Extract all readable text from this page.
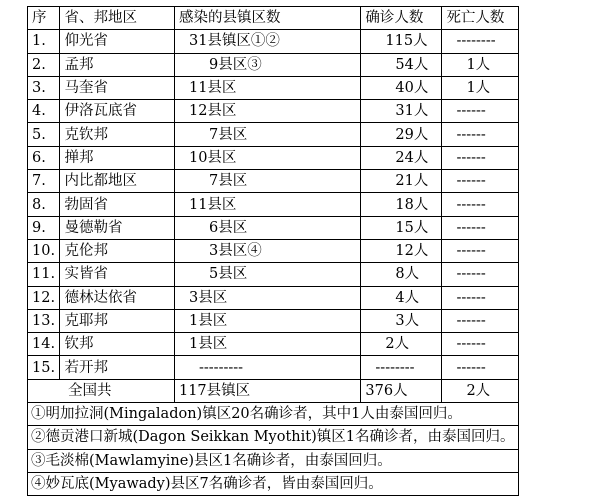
序	省、邦地区	感染的县镇区数	确诊人数	死亡人数
1.	仰光省	31县镇区①②	115人	--------
2.	孟邦	9县区③	54人	1人
3.	马奎省	11县区	40人	1人
4.	伊洛瓦底省	12县区	31人	------
5.	克钦邦	7县区	29人	------
6.	掸邦	10县区	24人	------
7.	内比都地区	7县区	21人	------
8.	勃固省	11县区	18人	------
9.	曼德勒省	6县区	15人	------
10.	克伦邦	3县区④	12人	------
11.	实皆省	5县区	8人	------
12.	德林达依省	3县区	4人	------
13.	克耶邦	1县区	3人	------
14.	钦邦	1县区	2人	------
15.	若开邦	---------	--------	------
全国共		117县镇区	376人	2人
①明加拉洞(Mingaladon)镇区20名确诊者，其中1人由泰国回归。				
②德贡港口新城(Dagon Seikkan Myothit)镇区1名确诊者，由泰国回归。				
③毛淡棉(Mawlamyine)县区1名确诊者，由泰国回归。				
④妙瓦底(Myawady)县区7名确诊者，皆由泰国回归。				
